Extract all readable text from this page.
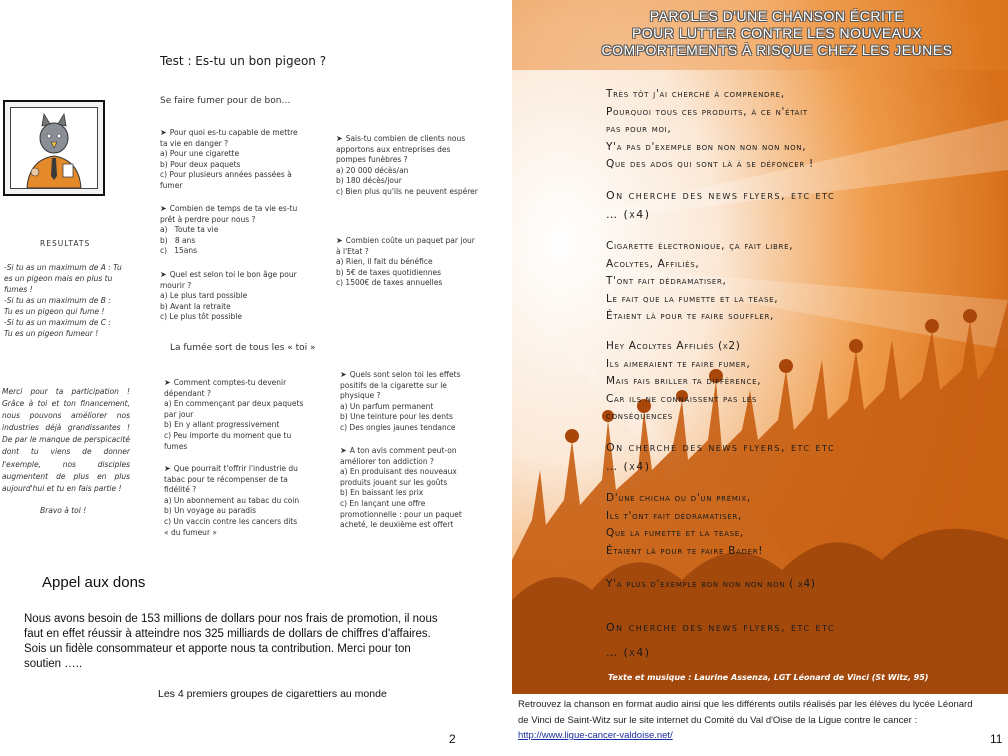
Test : Es-tu un bon pigeon ?
Se faire fumer pour de bon…
➤ Pour quoi es-tu capable de mettre
ta vie en danger ?
a) Pour une cigarette
b) Pour deux paquets
c) Pour plusieurs années passées à
fumer
➤ Sais-tu combien de clients nous
apportons aux entreprises des
pompes funèbres ?
a) 20 000 décès/an
b) 180 décès/jour
c) Bien plus qu'ils ne peuvent espérer
➤ Combien de temps de ta vie es-tu
prêt à perdre pour nous ?
a)   Toute ta vie
b)   8 ans
c)   15ans
➤ Combien coûte un paquet par jour
à l'Etat ?
a) Rien, il fait du bénéfice
b) 5€ de taxes quotidiennes
c) 1500€ de taxes annuelles
➤ Quel est selon toi le bon âge pour
mourir ?
a) Le plus tard possible
b) Avant la retraite
c) Le plus tôt possible
RESULTATS
-Si tu as un maximum de A : Tu
es un pigeon mais en plus tu
fumes !
-Si tu as un maximum de B :
Tu es un pigeon qui fume !
-Si tu as un maximum de C :
Tu es un pigeon fumeur !
La fumée sort de tous les « toi »
➤ Comment comptes-tu devenir
dépendant ?
a) En commençant par deux paquets
par jour
b) En y allant progressivement
c) Peu importe du moment que tu
fumes
➤ Quels sont selon toi les effets
positifs de la cigarette sur le
physique ?
a) Un parfum permanent
b) Une teinture pour les dents
c) Des ongles jaunes tendance
Merci pour ta participation ! Grâce à toi et ton financement, nous pouvons améliorer nos industries déjà grandissantes ! De par le manque de perspicacité dont tu viens de donner l'exemple, nos disciples augmentent de plus en plus aujourd'hui et tu en fais partie !
Bravo à toi !
➤ A ton avis comment peut-on
améliorer ton addiction ?
a) En produisant des nouveaux
produits jouant sur les goûts
b) En baissant les prix
c) En lançant une offre
promotionnelle : pour un paquet
acheté, le deuxième est offert
➤ Que pourrait t'offrir l'industrie du
tabac pour te récompenser de ta
fidélité ?
a) Un abonnement au tabac du coin
b) Un voyage au paradis
c) Un vaccin contre les cancers dits
« du fumeur »
Appel aux dons
Nous avons besoin de 153 millions de dollars pour nos frais de promotion, il nous faut en effet réussir à atteindre nos 325 milliards de dollars de chiffres d'affaires. Sois un fidèle consommateur et apporte nous ta contribution. Merci pour ton soutien …..
Les 4 premiers groupes de cigarettiers au monde
2
PAROLES D'UNE CHANSON ÉCRITE
POUR LUTTER CONTRE LES NOUVEAUX
COMPORTEMENTS À RISQUE CHEZ LES JEUNES
Très tôt j'ai cherché à comprendre,
Pourquoi tous ces produits, à ce n'était
pas pour moi,
Y'a pas d'exemple bon non non non non,
Que des ados qui sont là à se défoncer !
On cherche des news flyers, etc etc
… (x4)
Cigarette électronique, ça fait libre,
Acolytes, Affiliés,
T'ont fait dédramatiser,
Le fait que la fumette et la tease,
Étaient là pour te faire souffler,
Hey Acolytes Affiliés (x2)
Ils aimeraient te faire fumer,
Mais fais briller ta différence,
Car ils ne connaissent pas les
conséquences
On cherche des news flyers, etc etc
… (x4)
D'une chicha ou d'un prémix,
Ils t'ont fait dédramatiser,
Que la fumette et la tease,
Étaient là pour te faire Bader!
Y'a plus d'exemple bon non non non ( x4)
On cherche des news flyers, etc etc
… (x4)
Texte et musique : Laurine Assenza, LGT Léonard de Vinci (St Witz, 95)
Retrouvez la chanson en format audio ainsi que les différents outils réalisés par les élèves du lycée Léonard de Vinci de Saint-Witz sur le site internet du Comité du Val d'Oise de la Ligue contre le cancer : http://www.ligue-cancer-valdoise.net/	11
